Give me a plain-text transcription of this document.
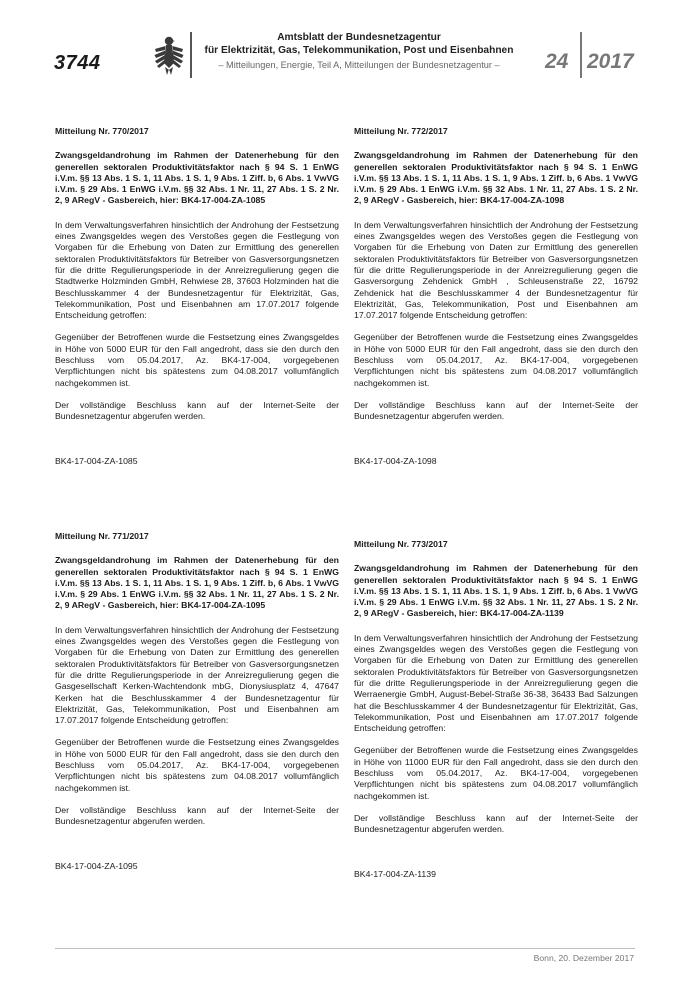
3744
Amtsblatt der Bundesnetzagentur
für Elektrizität, Gas, Telekommunikation, Post und Eisenbahnen
– Mitteilungen, Energie, Teil A, Mitteilungen der Bundesnetzagentur –	24 2017
Mitteilung Nr. 770/2017
Zwangsgeldandrohung im Rahmen der Datenerhebung für den generellen sektoralen Produktivitätsfaktor nach § 94 S. 1 EnWG i.V.m. §§ 13 Abs. 1 S. 1, 11 Abs. 1 S. 1, 9 Abs. 1 Ziff. b, 6 Abs. 1 VwVG i.V.m. § 29 Abs. 1 EnWG i.V.m. §§ 32 Abs. 1 Nr. 11, 27 Abs. 1 S. 2 Nr. 2, 9 ARegV - Gasbereich, hier: BK4-17-004-ZA-1085
In dem Verwaltungsverfahren hinsichtlich der Androhung der Festsetzung eines Zwangsgeldes wegen des Verstoßes gegen die Festlegung von Vorgaben für die Erhebung von Daten zur Ermittlung des generellen sektoralen Produktivitätsfaktors für Betreiber von Gasversorgungsnetzen für die dritte Regulierungsperiode in der Anreizregulierung gegen die Stadtwerke Holzminden GmbH, Rehwiese 28, 37603 Holzminden hat die Beschlusskammer 4 der Bundesnetzagentur für Elektrizität, Gas, Telekommunikation, Post und Eisenbahnen am 17.07.2017 folgende Entscheidung getroffen:
Gegenüber der Betroffenen wurde die Festsetzung eines Zwangsgeldes in Höhe von 5000 EUR für den Fall angedroht, dass sie den durch den Beschluss vom 05.04.2017, Az. BK4-17-004, vorgegebenen Verpflichtungen nicht bis spätestens zum 04.08.2017 vollumfänglich nachgekommen ist.
Der vollständige Beschluss kann auf der Internet-Seite der Bundesnetzagentur abgerufen werden.
BK4-17-004-ZA-1085
Mitteilung Nr. 772/2017
Zwangsgeldandrohung im Rahmen der Datenerhebung für den generellen sektoralen Produktivitätsfaktor nach § 94 S. 1 EnWG i.V.m. §§ 13 Abs. 1 S. 1, 11 Abs. 1 S. 1, 9 Abs. 1 Ziff. b, 6 Abs. 1 VwVG i.V.m. § 29 Abs. 1 EnWG i.V.m. §§ 32 Abs. 1 Nr. 11, 27 Abs. 1 S. 2 Nr. 2, 9 ARegV - Gasbereich, hier: BK4-17-004-ZA-1098
In dem Verwaltungsverfahren hinsichtlich der Androhung der Festsetzung eines Zwangsgeldes wegen des Verstoßes gegen die Festlegung von Vorgaben für die Erhebung von Daten zur Ermittlung des generellen sektoralen Produktivitätsfaktors für Betreiber von Gasversorgungsnetzen für die dritte Regulierungsperiode in der Anreizregulierung gegen die Gasversorgung Zehdenick GmbH , Schleusenstraße 22, 16792 Zehdenick hat die Beschlusskammer 4 der Bundesnetzagentur für Elektrizität, Gas, Telekommunikation, Post und Eisenbahnen am 17.07.2017 folgende Entscheidung getroffen:
Gegenüber der Betroffenen wurde die Festsetzung eines Zwangsgeldes in Höhe von 5000 EUR für den Fall angedroht, dass sie den durch den Beschluss vom 05.04.2017, Az. BK4-17-004, vorgegebenen Verpflichtungen nicht bis spätestens zum 04.08.2017 vollumfänglich nachgekommen ist.
Der vollständige Beschluss kann auf der Internet-Seite der Bundesnetzagentur abgerufen werden.
BK4-17-004-ZA-1098
Mitteilung Nr. 771/2017
Zwangsgeldandrohung im Rahmen der Datenerhebung für den generellen sektoralen Produktivitätsfaktor nach § 94 S. 1 EnWG i.V.m. §§ 13 Abs. 1 S. 1, 11 Abs. 1 S. 1, 9 Abs. 1 Ziff. b, 6 Abs. 1 VwVG i.V.m. § 29 Abs. 1 EnWG i.V.m. §§ 32 Abs. 1 Nr. 11, 27 Abs. 1 S. 2 Nr. 2, 9 ARegV - Gasbereich, hier: BK4-17-004-ZA-1095
In dem Verwaltungsverfahren hinsichtlich der Androhung der Festsetzung eines Zwangsgeldes wegen des Verstoßes gegen die Festlegung von Vorgaben für die Erhebung von Daten zur Ermittlung des generellen sektoralen Produktivitätsfaktors für Betreiber von Gasversorgungsnetzen für die dritte Regulierungsperiode in der Anreizregulierung gegen die Gasgesellschaft Kerken-Wachtendonk mbG, Dionysiusplatz 4, 47647 Kerken hat die Beschlusskammer 4 der Bundesnetzagentur für Elektrizität, Gas, Telekommunikation, Post und Eisenbahnen am 17.07.2017 folgende Entscheidung getroffen:
Gegenüber der Betroffenen wurde die Festsetzung eines Zwangsgeldes in Höhe von 5000 EUR für den Fall angedroht, dass sie den durch den Beschluss vom 05.04.2017, Az. BK4-17-004, vorgegebenen Verpflichtungen nicht bis spätestens zum 04.08.2017 vollumfänglich nachgekommen ist.
Der vollständige Beschluss kann auf der Internet-Seite der Bundesnetzagentur abgerufen werden.
BK4-17-004-ZA-1095
Mitteilung Nr. 773/2017
Zwangsgeldandrohung im Rahmen der Datenerhebung für den generellen sektoralen Produktivitätsfaktor nach § 94 S. 1 EnWG i.V.m. §§ 13 Abs. 1 S. 1, 11 Abs. 1 S. 1, 9 Abs. 1 Ziff. b, 6 Abs. 1 VwVG i.V.m. § 29 Abs. 1 EnWG i.V.m. §§ 32 Abs. 1 Nr. 11, 27 Abs. 1 S. 2 Nr. 2, 9 ARegV - Gasbereich, hier: BK4-17-004-ZA-1139
In dem Verwaltungsverfahren hinsichtlich der Androhung der Festsetzung eines Zwangsgeldes wegen des Verstoßes gegen die Festlegung von Vorgaben für die Erhebung von Daten zur Ermittlung des generellen sektoralen Produktivitätsfaktors für Betreiber von Gasversorgungsnetzen für die dritte Regulierungsperiode in der Anreizregulierung gegen die Werraenergie GmbH, August-Bebel-Straße 36-38, 36433 Bad Salzungen hat die Beschlusskammer 4 der Bundesnetzagentur für Elektrizität, Gas, Telekommunikation, Post und Eisenbahnen am 17.07.2017 folgende Entscheidung getroffen:
Gegenüber der Betroffenen wurde die Festsetzung eines Zwangsgeldes in Höhe von 11000 EUR für den Fall angedroht, dass sie den durch den Beschluss vom 05.04.2017, Az. BK4-17-004, vorgegebenen Verpflichtungen nicht bis spätestens zum 04.08.2017 vollumfänglich nachgekommen ist.
Der vollständige Beschluss kann auf der Internet-Seite der Bundesnetzagentur abgerufen werden.
BK4-17-004-ZA-1139
Bonn, 20. Dezember 2017
